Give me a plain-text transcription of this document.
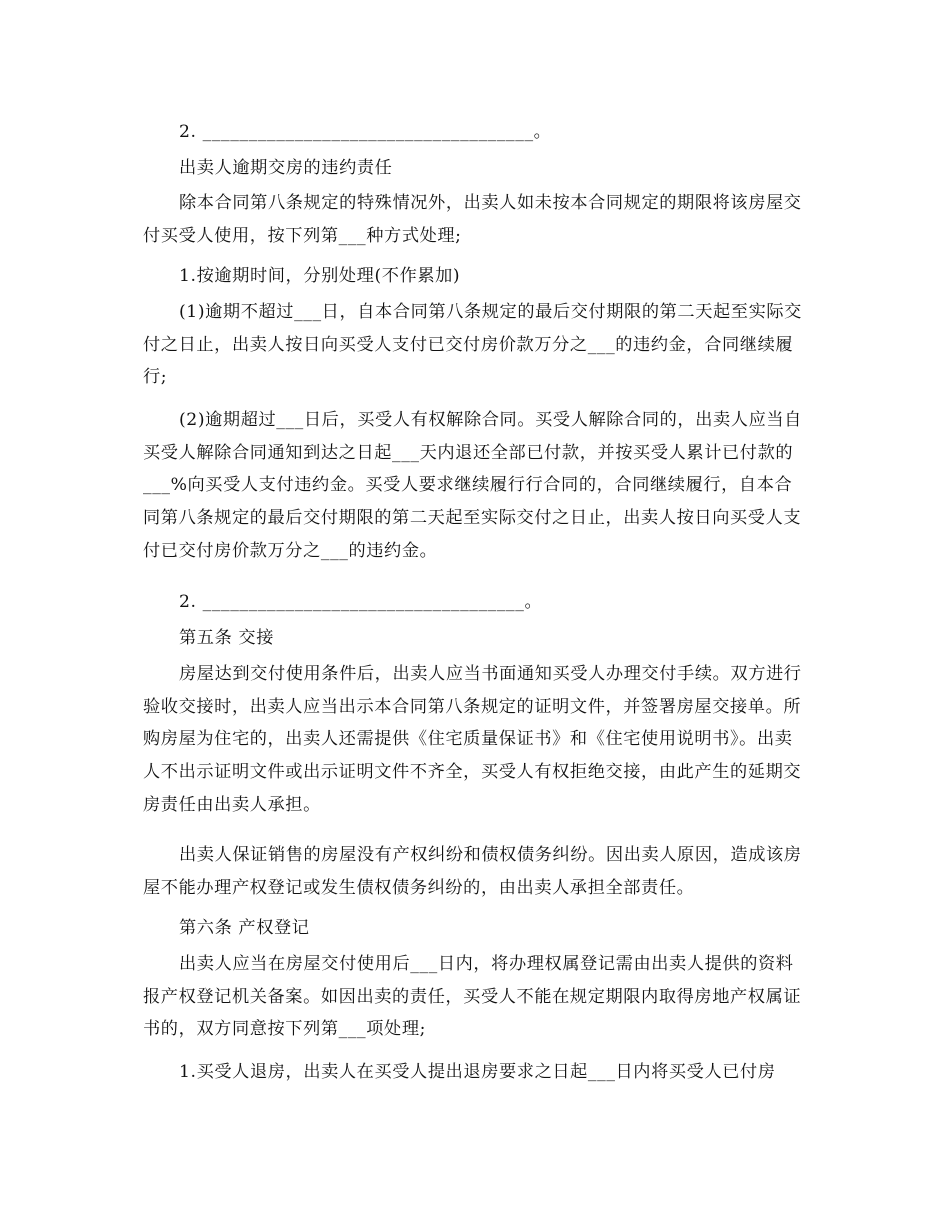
2. ____________________________________。

出卖人逾期交房的违约责任

除本合同第八条规定的特殊情况外，出卖人如未按本合同规定的期限将该房屋交付买受人使用，按下列第___种方式处理;

1.按逾期时间，分别处理(不作累加)

(1)逾期不超过___日，自本合同第八条规定的最后交付期限的第二天起至实际交付之日止，出卖人按日向买受人支付已交付房价款万分之___的违约金，合同继续履行;

(2)逾期超过___日后，买受人有权解除合同。买受人解除合同的，出卖人应当自买受人解除合同通知到达之日起___天内退还全部已付款，并按买受人累计已付款的___%向买受人支付违约金。买受人要求继续履行行合同的，合同继续履行，自本合同第八条规定的最后交付期限的第二天起至实际交付之日止，出卖人按日向买受人支付已交付房价款万分之___的违约金。

2. ___________________________________。

第五条 交接

房屋达到交付使用条件后，出卖人应当书面通知买受人办理交付手续。双方进行验收交接时，出卖人应当出示本合同第八条规定的证明文件，并签署房屋交接单。所购房屋为住宅的，出卖人还需提供《住宅质量保证书》和《住宅使用说明书》。出卖人不出示证明文件或出示证明文件不齐全，买受人有权拒绝交接，由此产生的延期交房责任由出卖人承担。

出卖人保证销售的房屋没有产权纠纷和债权债务纠纷。因出卖人原因，造成该房屋不能办理产权登记或发生债权债务纠纷的，由出卖人承担全部责任。

第六条 产权登记

出卖人应当在房屋交付使用后___日内，将办理权属登记需由出卖人提供的资料报产权登记机关备案。如因出卖的责任，买受人不能在规定期限内取得房地产权属证书的，双方同意按下列第___项处理;

1.买受人退房，出卖人在买受人提出退房要求之日起___日内将买受人已付房
